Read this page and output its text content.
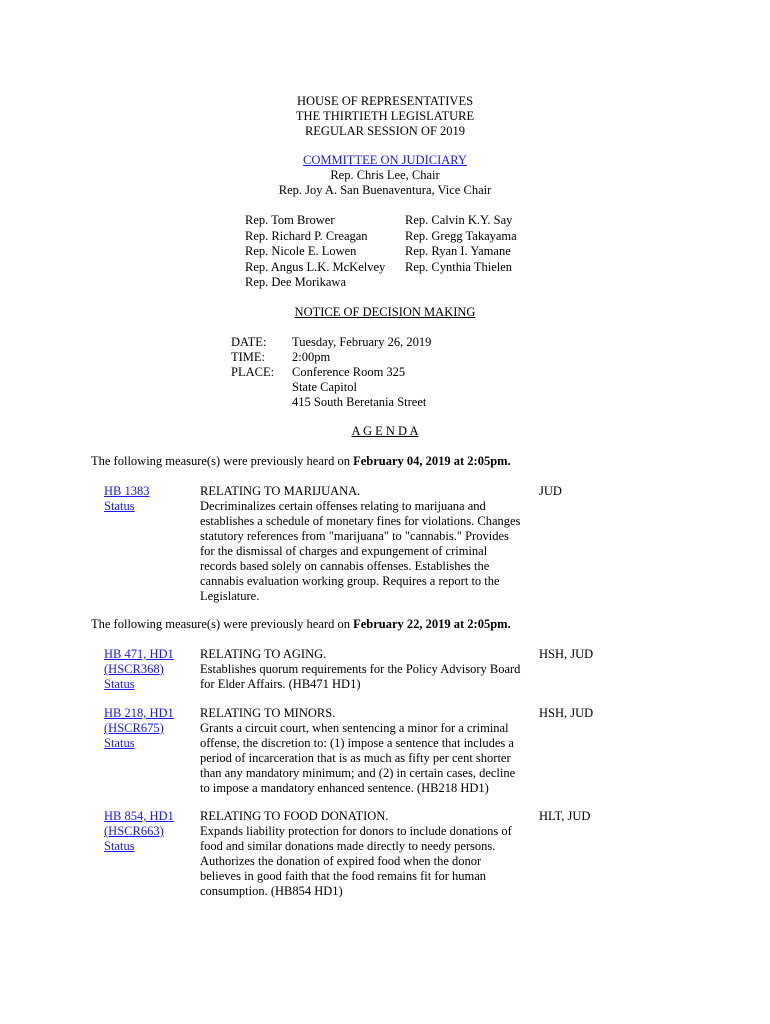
HOUSE OF REPRESENTATIVES
THE THIRTIETH LEGISLATURE
REGULAR SESSION OF 2019
COMMITTEE ON JUDICIARY
Rep. Chris Lee, Chair
Rep. Joy A. San Buenaventura, Vice Chair
Rep. Tom Brower
Rep. Richard P. Creagan
Rep. Nicole E. Lowen
Rep. Angus L.K. McKelvey
Rep. Dee Morikawa
Rep. Calvin K.Y. Say
Rep. Gregg Takayama
Rep. Ryan I. Yamane
Rep. Cynthia Thielen
NOTICE OF DECISION MAKING
DATE: Tuesday, February 26, 2019
TIME: 2:00pm
PLACE: Conference Room 325
State Capitol
415 South Beretania Street
A G E N D A
The following measure(s) were previously heard on February 04, 2019 at 2:05pm.
HB 1383
Status
RELATING TO MARIJUANA.
Decriminalizes certain offenses relating to marijuana and
establishes a schedule of monetary fines for violations. Changes
statutory references from "marijuana" to "cannabis." Provides
for the dismissal of charges and expungement of criminal
records based solely on cannabis offenses. Establishes the
cannabis evaluation working group. Requires a report to the
Legislature.
JUD
The following measure(s) were previously heard on February 22, 2019 at 2:05pm.
HB 471, HD1
(HSCR368)
Status
RELATING TO AGING.
Establishes quorum requirements for the Policy Advisory Board
for Elder Affairs. (HB471 HD1)
HSH, JUD
HB 218, HD1
(HSCR675)
Status
RELATING TO MINORS.
Grants a circuit court, when sentencing a minor for a criminal
offense, the discretion to: (1) impose a sentence that includes a
period of incarceration that is as much as fifty per cent shorter
than any mandatory minimum; and (2) in certain cases, decline
to impose a mandatory enhanced sentence. (HB218 HD1)
HSH, JUD
HB 854, HD1
(HSCR663)
Status
RELATING TO FOOD DONATION.
Expands liability protection for donors to include donations of
food and similar donations made directly to needy persons.
Authorizes the donation of expired food when the donor
believes in good faith that the food remains fit for human
consumption. (HB854 HD1)
HLT, JUD
